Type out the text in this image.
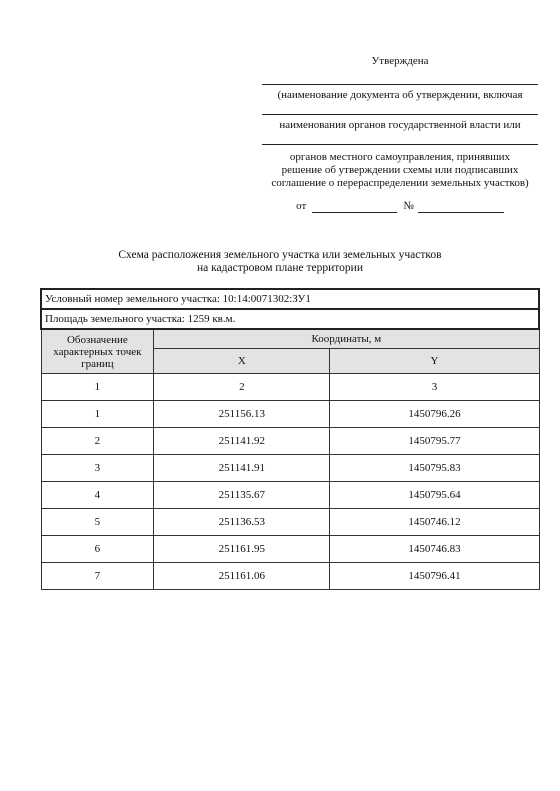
Утверждена
(наименование документа об утверждении, включая
наименования органов государственной власти или
органов местного самоуправления, принявших
решение об утверждении схемы или подписавших
соглашение о перераспределении земельных участков)
от	№
Схема расположения земельного участка или земельных участков
на кадастровом плане территории
Условный номер земельного участка: 10:14:0071302:ЗУ1		
Площадь земельного участка: 1259 кв.м.		
Обозначение характерных точек границ	Координаты, м	
	X	Y
1	2	3
1	251156.13	1450796.26
2	251141.92	1450795.77
3	251141.91	1450795.83
4	251135.67	1450795.64
5	251136.53	1450746.12
6	251161.95	1450746.83
7	251161.06	1450796.41
